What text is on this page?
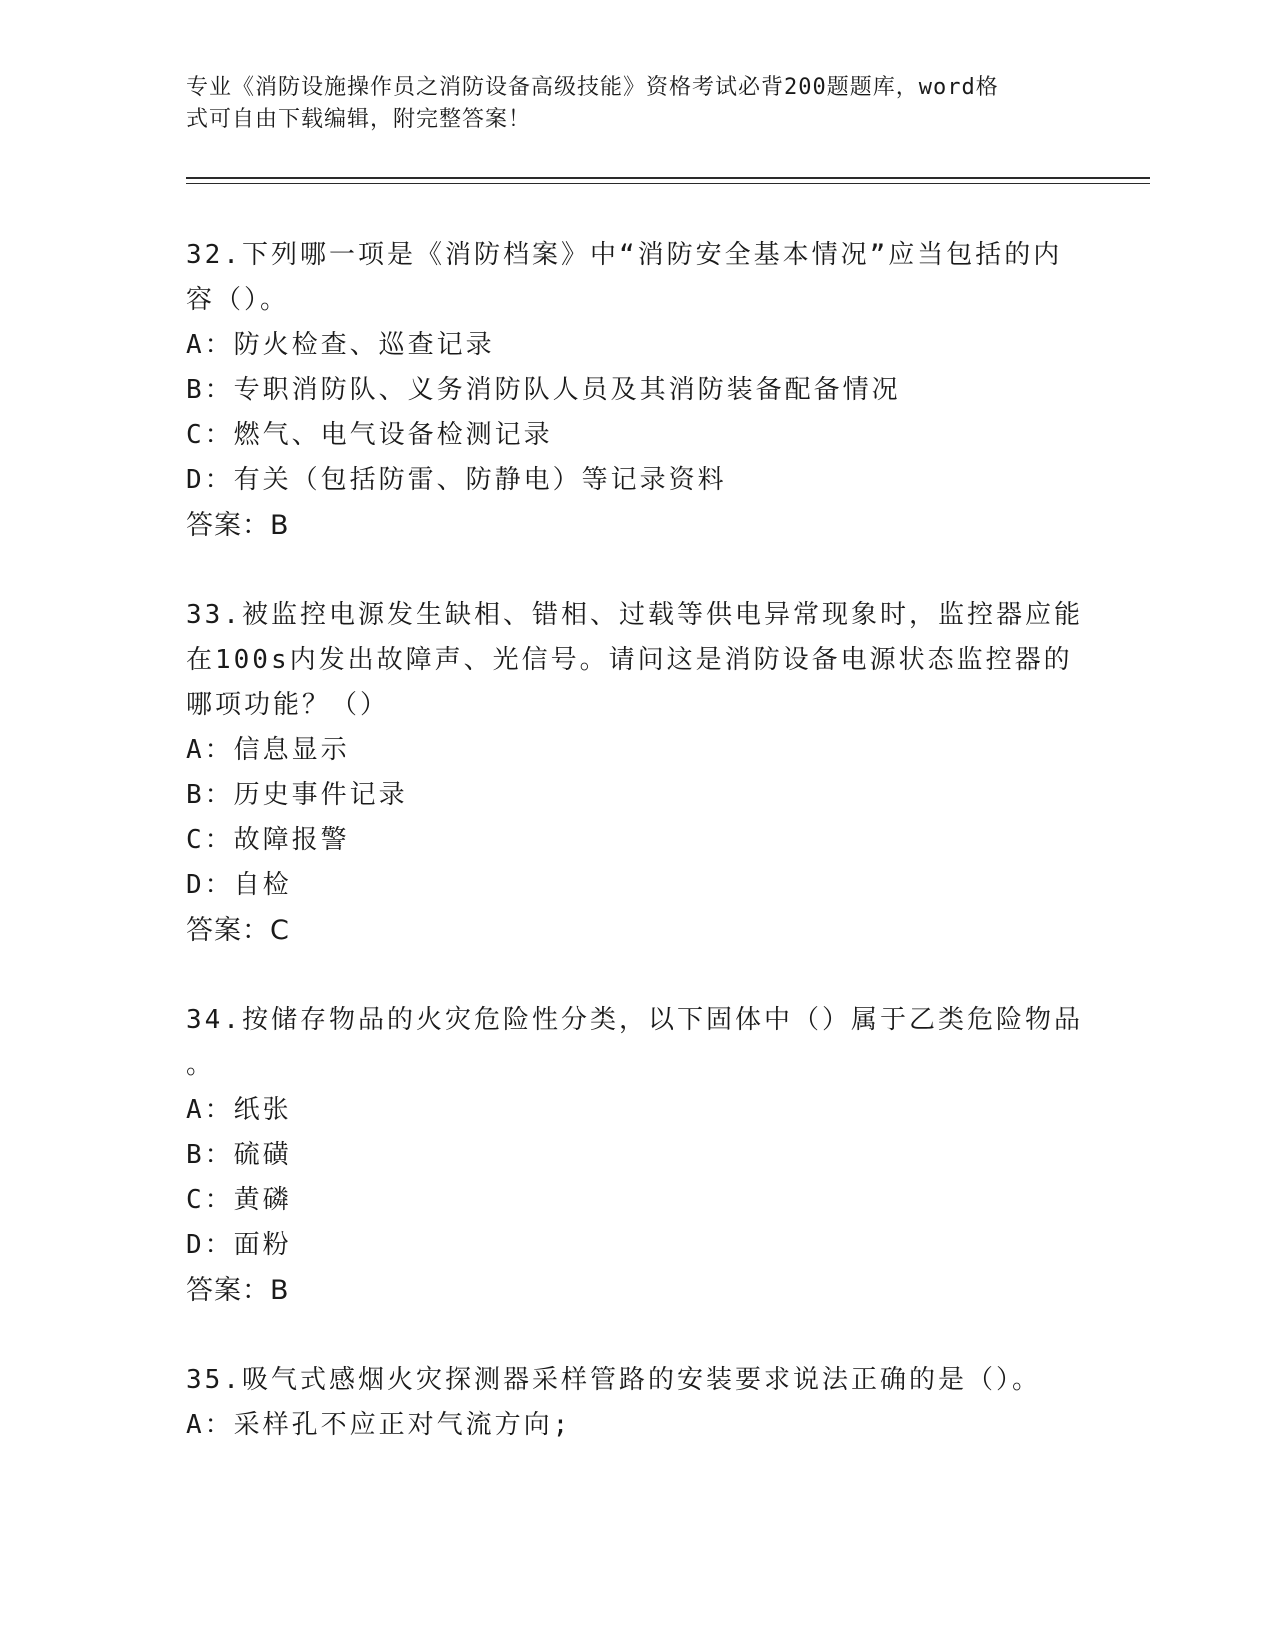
专业《消防设施操作员之消防设备高级技能》资格考试必背200题题库，word格
式可自由下载编辑，附完整答案！

32.下列哪一项是《消防档案》中“消防安全基本情况”应当包括的内

容（）。

A：防火检查、巡查记录

B：专职消防队、义务消防队人员及其消防装备配备情况

C：燃气、电气设备检测记录

D：有关（包括防雷、防静电）等记录资料

答案：B

33.被监控电源发生缺相、错相、过载等供电异常现象时，监控器应能

在100s内发出故障声、光信号。请问这是消防设备电源状态监控器的

哪项功能？（）

A：信息显示

B：历史事件记录

C：故障报警

D：自检

答案：C

34.按储存物品的火灾危险性分类，以下固体中（）属于乙类危险物品

。

A：纸张

B：硫磺

C：黄磷

D：面粉

答案：B

35.吸气式感烟火灾探测器采样管路的安装要求说法正确的是（）。

A：采样孔不应正对气流方向;
